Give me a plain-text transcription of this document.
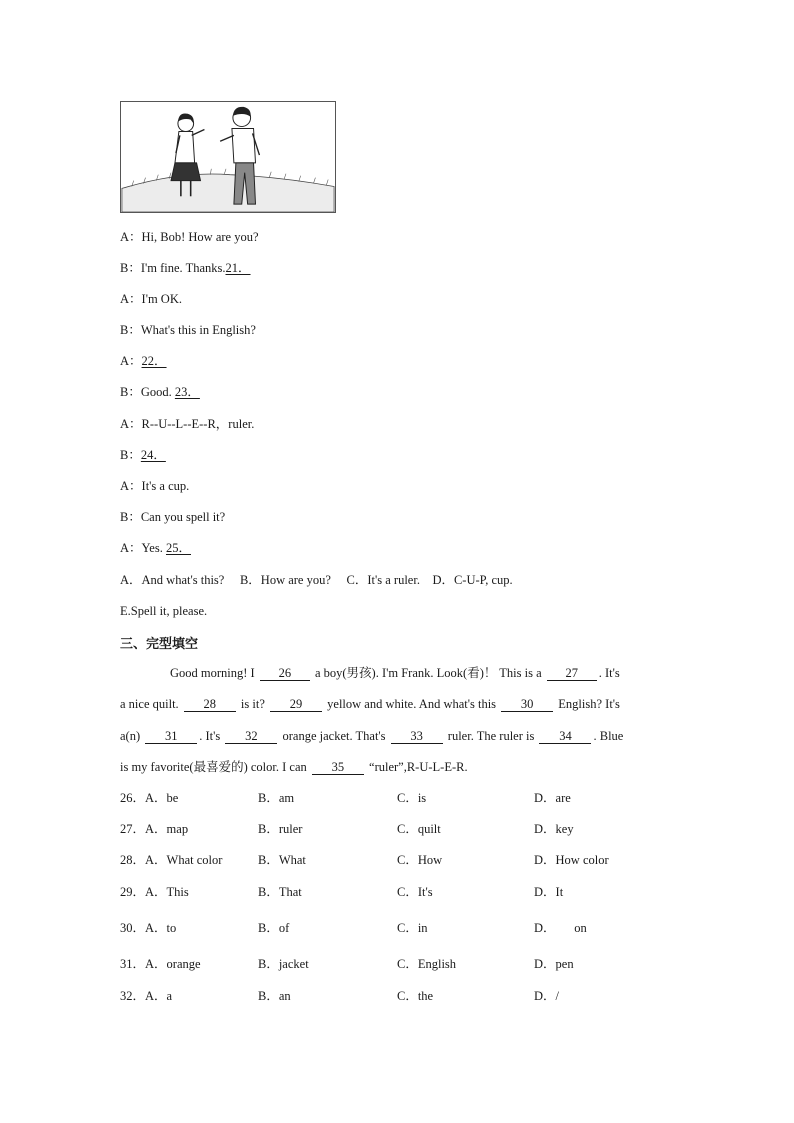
A：Hi, Bob! How are you?
B：I'm fine. Thanks.21．
A：I'm OK.
B：What's this in English?
A：22．
B：Good. 23．
A：R--U--L--E--R，ruler.
B：24．
A：It's a cup.
B：Can you spell it?
A：Yes. 25．
A．And what's this?　 B．How are you?　 C．It's a ruler.　D．C-U-P, cup.
E.Spell it, please.
三、完型填空
Good morning! I 26 a boy(男孩). I'm Frank. Look(看)！ This is a 27 . It's
a nice quilt. 28 is it? 29 yellow and white. And what's this 30 English? It's
a(n) 31 . It's 32 orange jacket. That's 33 ruler. The ruler is 34 . Blue
is my favorite(最喜爱的) color. I can 35 “ruler”,R-U-L-E-R.
26．A．be	B．am	C．is	D．are
27．A．map	B．ruler	C．quilt	D．key
28．A．What color	B．What	C．How	D．How color
29．A．This	B．That	C．It's	D．It
30．A．to	B．of	C．in	D．　　on
31．A．orange	B．jacket	C．English	D．pen
32．A．a	B．an	C．the	D．/
